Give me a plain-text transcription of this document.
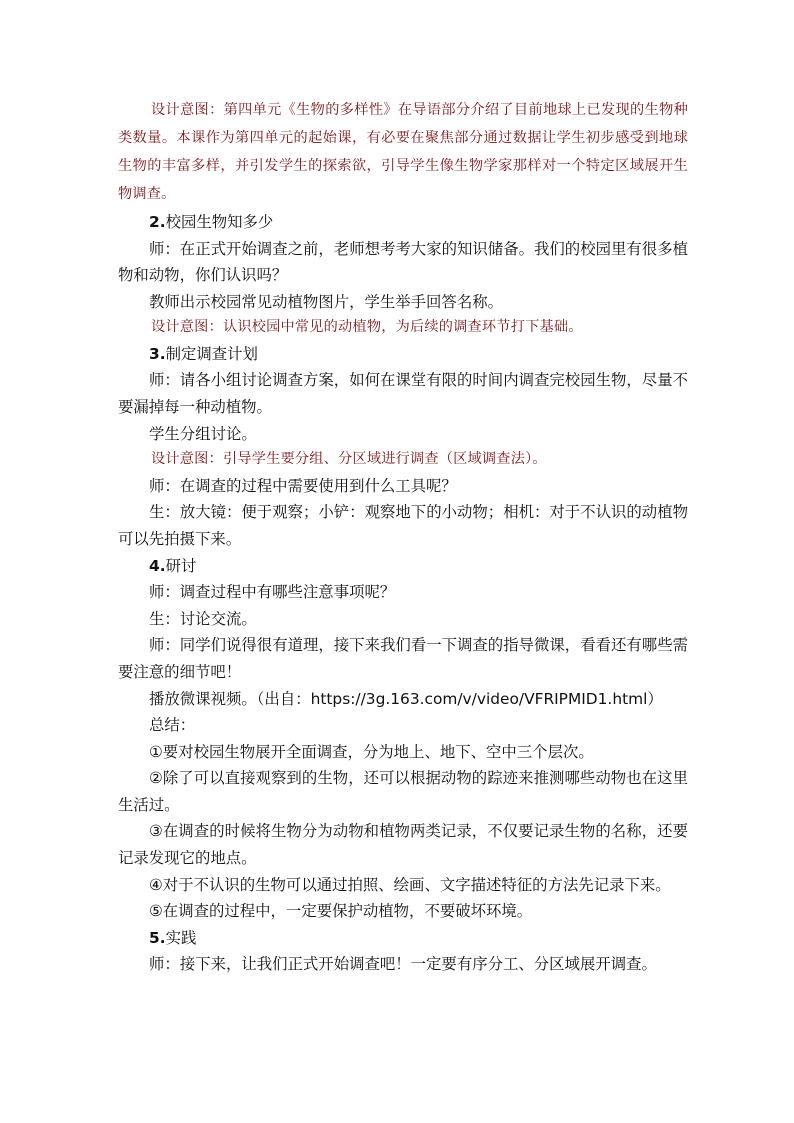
设计意图：第四单元《生物的多样性》在导语部分介绍了目前地球上已发现的生物种类数量。本课作为第四单元的起始课，有必要在聚焦部分通过数据让学生初步感受到地球生物的丰富多样，并引发学生的探索欲，引导学生像生物学家那样对一个特定区域展开生物调查。

2.校园生物知多少

师：在正式开始调查之前，老师想考考大家的知识储备。我们的校园里有很多植物和动物，你们认识吗？

教师出示校园常见动植物图片，学生举手回答名称。

设计意图：认识校园中常见的动植物，为后续的调查环节打下基础。

3.制定调查计划

师：请各小组讨论调查方案，如何在课堂有限的时间内调查完校园生物，尽量不要漏掉每一种动植物。

学生分组讨论。

设计意图：引导学生要分组、分区域进行调查（区域调查法）。

师：在调查的过程中需要使用到什么工具呢？

生：放大镜：便于观察；小铲：观察地下的小动物；相机：对于不认识的动植物可以先拍摄下来。

4.研讨

师：调查过程中有哪些注意事项呢？

生：讨论交流。

师：同学们说得很有道理，接下来我们看一下调查的指导微课，看看还有哪些需要注意的细节吧！

播放微课视频。（出自：https://3g.163.com/v/video/VFRIPMID1.html）

总结：

①要对校园生物展开全面调查，分为地上、地下、空中三个层次。

②除了可以直接观察到的生物，还可以根据动物的踪迹来推测哪些动物也在这里生活过。

③在调查的时候将生物分为动物和植物两类记录，不仅要记录生物的名称，还要记录发现它的地点。

④对于不认识的生物可以通过拍照、绘画、文字描述特征的方法先记录下来。

⑤在调查的过程中，一定要保护动植物，不要破坏环境。

5.实践

师：接下来，让我们正式开始调查吧！一定要有序分工、分区域展开调查。
